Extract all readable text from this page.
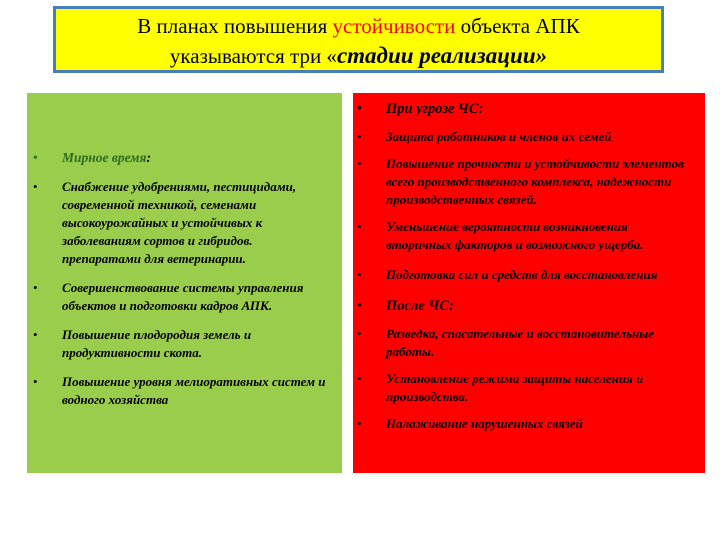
В планах повышения устойчивости объекта АПК
указываются три «стадии реализации»
• Мирное время:
• Снабжение удобрениями, пестицидами, современной техникой, семенами высокоурожайных и устойчивых к заболеваниям сортов и гибридов. препаратами для ветеринарии.
• Совершенствование системы управления объектов и подготовки кадров АПК.
• Повышение плодородия земель и продуктивности скота.
• Повышение уровня мелиоративных систем и водного хозяйства
• При угрозе ЧС:
• Защита работников и членов их семей
• Повышение прочности и устойчивости элементов всего производственного комплекса, надежности производственных связей.
• Уменьшение вероятности возникновения вторичных факторов и возможного ущерба.
• Подготовка сил и средств для восстановления
• После ЧС:
• Разведка, спасательные и восстановительные работы.
• Установление режима защиты населения и производства.
• Налаживание нарушенных связей
